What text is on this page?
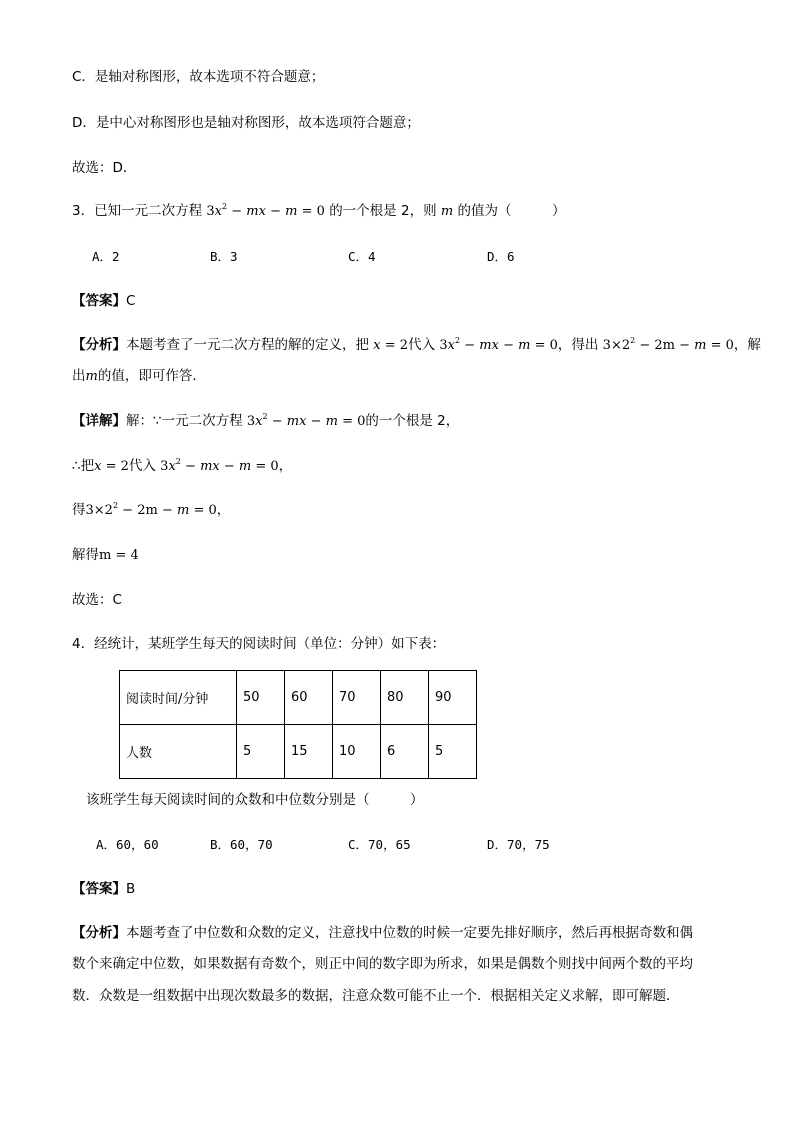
C．是轴对称图形，故本选项不符合题意；
D．是中心对称图形也是轴对称图形，故本选项符合题意；
故选：D．
3．已知一元二次方程 $3x^2$ − mx − m = 0 的一个根是 2，则 m 的值为（　　　）
A．2	B．3	C．4	D．6
【答案】C
【分析】本题考查了一元二次方程的解的定义，把 x = 2代入 $3x^2$ − mx − m = 0，得出 $3\times 2^2 - 2m - m = 0$，解
出m的值，即可作答．
【详解】解：∵一元二次方程 $3x^2$ − mx − m = 0的一个根是 2，
∴把x = 2代入 $3x^2$ − mx − m = 0，
得$3\times 2^2 - 2m - m = 0$，
解得m = 4
故选：C
4．经统计，某班学生每天的阅读时间（单位：分钟）如下表：
阅读时间/分钟	50	60	70	80	90
人数	5	15	10	6	5
该班学生每天阅读时间的众数和中位数分别是（　　　）
A．60，60	B．60，70	C．70，65	D．70，75
【答案】B
【分析】本题考查了中位数和众数的定义，注意找中位数的时候一定要先排好顺序，然后再根据奇数和偶
数个来确定中位数，如果数据有奇数个，则正中间的数字即为所求，如果是偶数个则找中间两个数的平均
数．众数是一组数据中出现次数最多的数据，注意众数可能不止一个．根据相关定义求解，即可解题．
